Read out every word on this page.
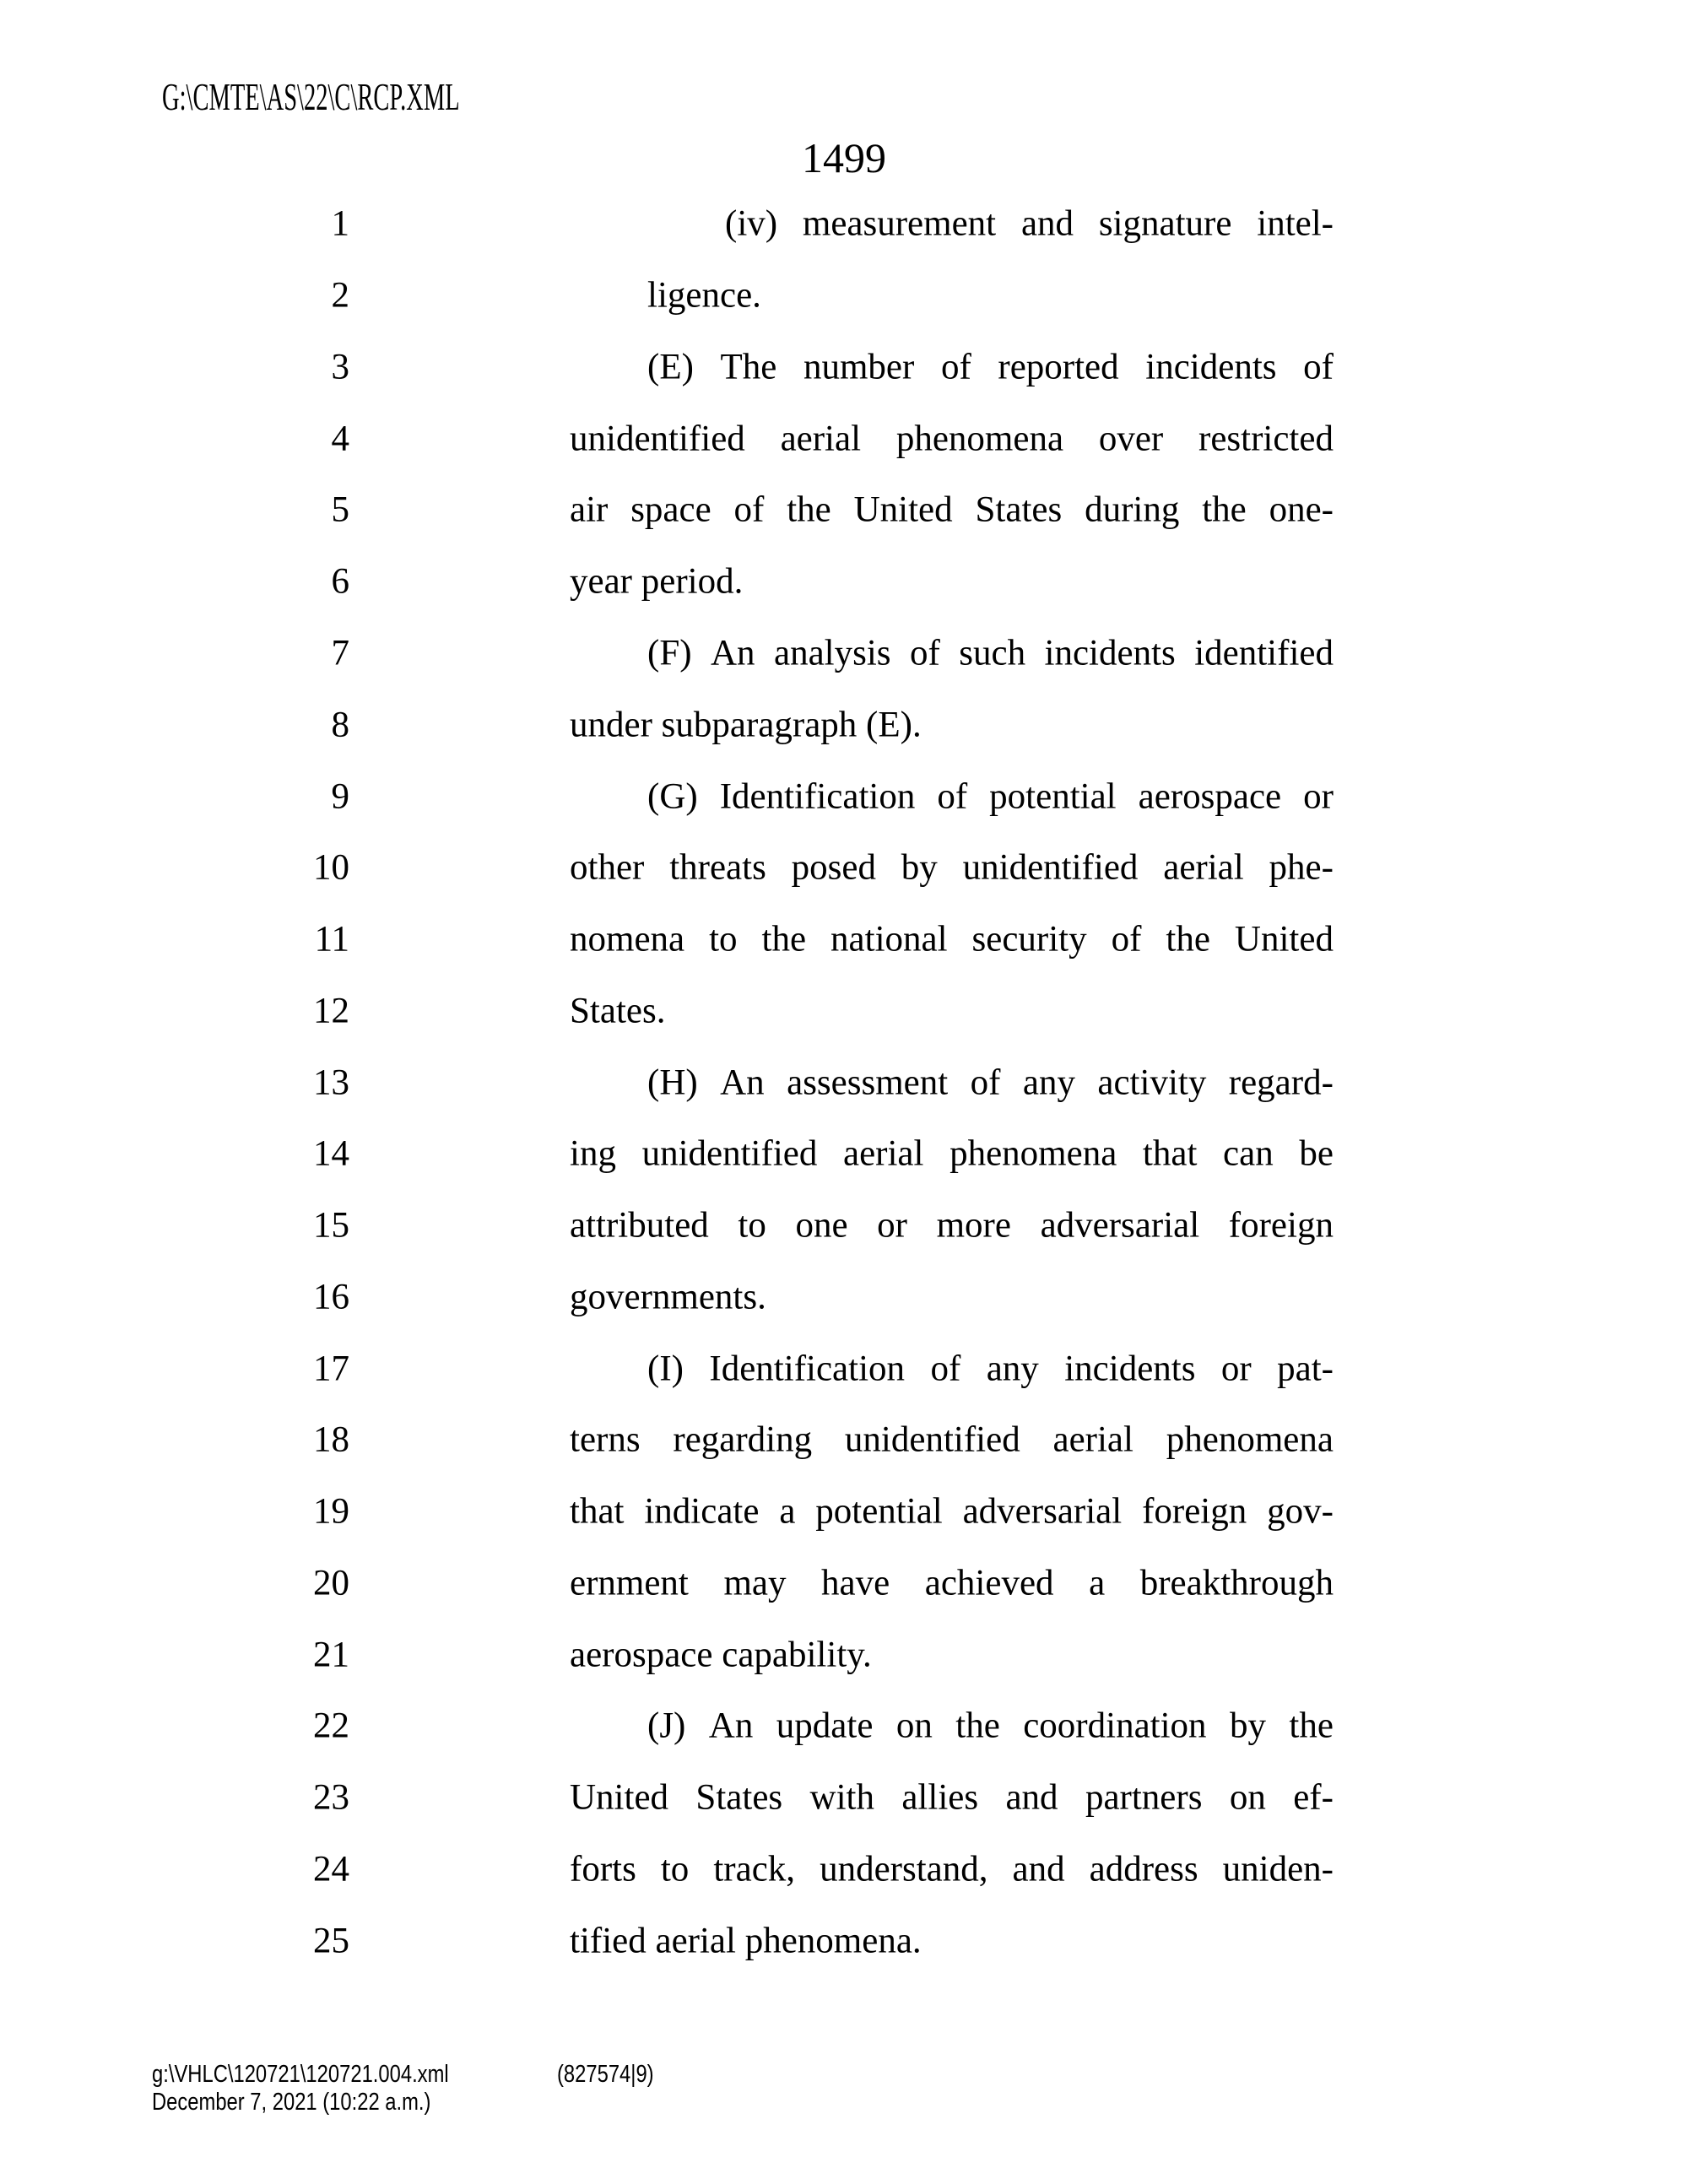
G:\CMTE\AS\22\C\RCP.XML
1499
1	(iv) measurement and signature intel-
2	ligence.
3	(E) The number of reported incidents of
4	unidentified aerial phenomena over restricted
5	air space of the United States during the one-
6	year period.
7	(F) An analysis of such incidents identified
8	under subparagraph (E).
9	(G) Identification of potential aerospace or
10	other threats posed by unidentified aerial phe-
11	nomena to the national security of the United
12	States.
13	(H) An assessment of any activity regard-
14	ing unidentified aerial phenomena that can be
15	attributed to one or more adversarial foreign
16	governments.
17	(I) Identification of any incidents or pat-
18	terns regarding unidentified aerial phenomena
19	that indicate a potential adversarial foreign gov-
20	ernment may have achieved a breakthrough
21	aerospace capability.
22	(J) An update on the coordination by the
23	United States with allies and partners on ef-
24	forts to track, understand, and address uniden-
25	tified aerial phenomena.
g:\VHLC\120721\120721.004.xml
December 7, 2021 (10:22 a.m.)
(827574|9)
